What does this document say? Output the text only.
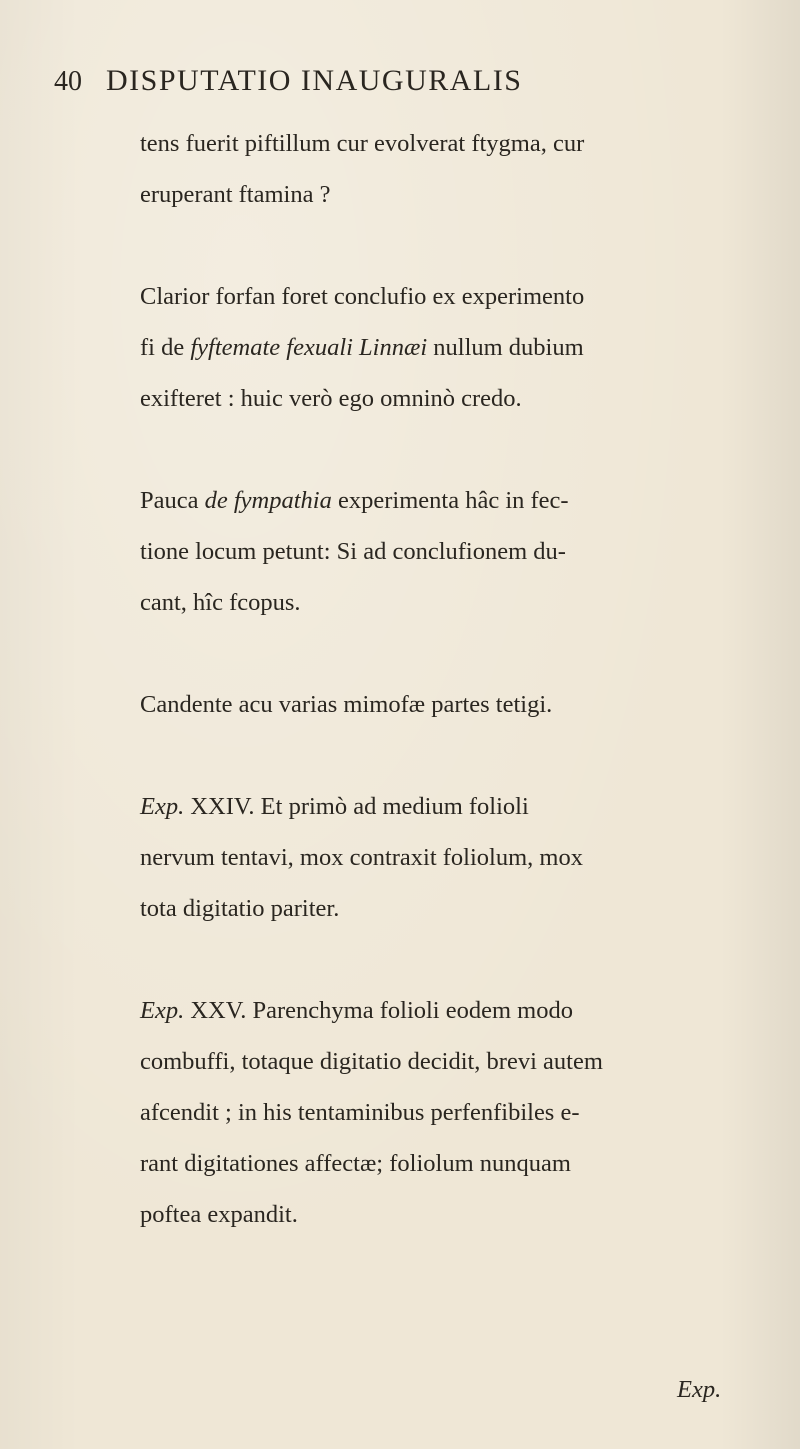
40 DISPUTATIO INAUGURALIS
tens fuerit piftillum cur evolverat ftygma, cur
eruperant ftamina ?
Clarior forfan foret conclufio ex experimento
fi de fyftemate fexuali Linnæi nullum dubium
exifteret : huic verò ego omninò credo.
Pauca de fympathia experimenta hâc in fec-
tione locum petunt: Si ad conclufionem du-
cant, hîc fcopus.
Candente acu varias mimofæ partes tetigi.
Exp. XXIV. Et primò ad medium folioli
nervum tentavi, mox contraxit foliolum, mox
tota digitatio pariter.
Exp. XXV. Parenchyma folioli eodem modo
combuffi, totaque digitatio decidit, brevi autem
afcendit ; in his tentaminibus perfenfibiles e-
rant digitationes affectæ; foliolum nunquam
poftea expandit.
Exp.
